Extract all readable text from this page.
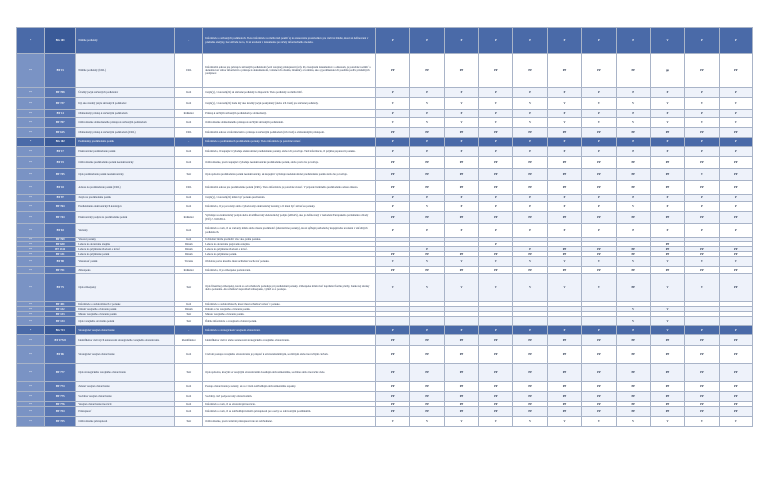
*	BG 101	Náštšie podklady	-	Informácie o súčasných podkladoch. Tieto informácie sa môžu tiež použiť aj na stanovenie prostriedkov pre cieľové štúdie, ktoré sú definované v priebehu analýzy, bez ohľadu na to, či sú uvedené v dokumente pre účely informačného modelu.	P	P	P	P	P	P	P	P	V	P	P
**	BT 15	Náštšie podklady (URL)	URL	Informačná adresa pre prístup k súčasným podkladom (web verejnej prístupnosti (url). Po zverejnení dokumentov s odkazom, je potrebné rozšíriť a aktualizovať súbor informácií o prístupe k dokumentom, vrátane ich obsahu, štruktúry a formátu, ako aj podmienok ich použitia podľa príslušných predpisov.	PP	PP	PP	PP	PP	PP	PP	PP	pp	PP	PP
**	BT 708	Úradný jazyk súčasných podkladov	Kód	Jazyk(y), v ktorom(ch) sú súčasné podklady k dispozícii. Tieto podklady sa môžu líšiť.	P	P	P	P	P	P	P	P	P	P	P
**	BT 737	Iný ako úradný jazyk súčasných podkladov	Kód	Jazyk(y), v ktorom(ch) bude iný ako úradný jazyk poskytnutý (alebo ich časti) pre súčasné podklady.	V	V	V	V	V	V	V	V	V	V	V
**	BT 14	Obmedzený prístup k súčasným podkladom	Indikátor	Prístup k určitým súčasným podkladom je obmedzený.	P	P	P	P	P	P	P	P	P	P	P
**	BT 707	Odôvodnenie obmedzeného prístupu k súčasným podkladom	Kód	Odôvodnenie obmedzeného prístupu k určitým súčasným podkladom.	V	V	V	V	V	V	V	V	V	V	V
**	BT 615	Obmedzený prístup k súčasným podkladom (URL)	URL	Informačná adresa s informáciami o prístupe k súčasným podkladom (ich časti) s obmedzeným prístupom.	PP	PP	PP	PP	PP	PP	PP	PP	PP	PP	PP
*	BG 102	Podmienky predkladania ponúk	-	Informácie o podmienkach predkladania ponuky. Tieto informácie je potrebné uviesť.	P	P	P	P	P	P	P	P	P	P	P
**	BT 17	Elektronické predkladanie ponúk	Kód	Informácia, či kupujúci vyžaduje elektronické predkladanie ponuky alebo ich povoľuje. Tiež informácia, či prijíma papierovú ponuku.	P	P	P	P	P	P	P	P	P	P	P
**	BT 19	Odôvodnenie predkladania ponúk neelektronicky	Kód	Odôvodnenie, prečo kupujúci vyžaduje neelektronické predkladanie ponúk, alebo prečo ho povoľuje.	PP	PP	PP	PP	PP	PP	PP	PP	PP	PP	PP
**	BT 745	Opis predkladania ponúk neelektronicky	Text	Opis spôsobu predkladania ponúk neelektronicky, ak kupujúci vyžaduje neelektronické predkladanie ponúk alebo ho povoľuje.	PP	PP	PP	PP	PP	PP	PP	PP	PP	V	PP
**	BT 18	Adresa na predkladanie ponúk (URL)	URL	Informačná adresa pre predkladanie ponúk (URL). Tieto informácie je potrebné uviesť. V prípade listinného predkladania adresa miesta.	PP	PP	PP	PP	PP	PP	PP	PP	PP	PP	PP
**	BT 97	Jazyk na predkladanie ponúk	Kód	Jazyk(y), v ktorom(ch) môže byť ponuka predložená.	P	P	P	P	P	P	P	P	P	P	P
**	BT 764	Predkladanie elektronických katalógov	Kód	Informácia, či je povolený alebo vyžadovaný elektronický katalóg a či musí byť súčasťou ponuky.	P	V	P	P	P	P	P	V	P	P	P
**	BT 744	Elektronický podpis na predkladanie ponúk	Indikátor	Vyžaduje sa elektronický podpis alebo kvalifikovaný elektronický podpis (eIDAS), ako je definovaný v nariadení Európskeho parlamentu a Rady (EÚ) č. 910/2014.	PP	PP	PP	PP	PP	PP	PP	PP	PP	PP	PP
**	BT 63	Varianty	Kód	Informácia o tom, či sa varianty môžu alebo musia predkladať (alternatívne ponuky), ktoré spĺňajú požiadavky kupujúceho uvedené v súťažných podkladoch.	P	P	P	P	P	P	P	P	P	P	P
**	BT 769	Viaceré ponuky	Kód	Uchádzač môže predložiť viac ako jednu ponuku.											
**	BT 630	Lehota na doručenie záujmu	Dátum	Lehota na doručenie prejavenia záujmu.				P					PP		
**	BT 1311	Lehota na prijímanie žiadostí o účasť	Dátum	Lehota na prijímanie žiadostí o účasť.		P			P	PP	PP	PP	PP	PP	PP
**	BT 131	Lehota na prijímanie ponúk	Dátum	Lehota na prijímanie ponúk.	PP	PP	PP	PP	PP	PP	PP	PP	PP	PP	PP
**	BT 98	Viazanosť ponúk	Trvanie	Obdobie počas ktorého musí uchádzač zachovať ponuku.	V	V	V	V	V	V	V	V	V	V	V
**	BT 751	Zábezpeka	Indikátor	Informácia, či je zábezpeka požadovaná.	PP	PP	PP	PP	PP	PP	PP	PP	PP	PP	PP
**	BT 75	Opis zábezpeky	Text	Opis finančnej zábezpeky, ktorú sa od uchádzača požaduje pri predkladaní ponuky. Zábezpeka môže mať napríklad formu platby, bankovej záruky alebo poistenia. Ak uchádzač nepredloží zábezpeku, vylúči sa z postupu.	V	V	V	V	V	V	V	PP	V	V	PP
**	BT 451	Informácie o subdodávkach v ponuke	Kód	Informácie o subdodávkach, ktoré musí uchádzač uviesť v ponuke.											
**	BT 132	Dátum verejného otvárania ponúk	Dátum	Dátum a čas verejného otvárania ponúk.								V	V		
**	BT 133	Miesto verejného otvárania ponúk	Text	Miesto verejného otvárania ponúk.											
**	BT 134	Opis verejného otvárania ponúk	Text	Ďalšie informácie o verejnom otváraní ponúk.								V	V		
*	BG 713	Strategické verejné obstarávanie	-	Informácie o strategickom verejnom obstarávaní.	P	P	P	P	P	P	P	P	V	P	P
**	BT 17722	Identifikátor cieľových ustanovení strategického verejného obstarávania	Identifikátor	Identifikátor cieľov alebo ustanovení strategického verejného obstarávania.	PP	PP	PP	PP	PP	PP	PP	PP	PP	PP	PP
**	BT 06	Strategické verejné obstarávanie	Kód	Cieľom postupu verejného obstarávania je prispieť k environmentálnym, sociálnym alebo inovačným cieľom.	PP	PP	PP	PP	PP	PP	PP	PP	PP	PP	PP
**	BT 777	Opis strategického verejného obstarávania	Text	Opis spôsobu, ktorým sa verejným obstarávaním dosahujú environmentálne, sociálne alebo inovačné ciele.	PP	PP	PP	PP	PP	PP	PP	PP	PP	PP	PP
**	BT 774	Zelené verejné obstarávanie	Kód	Postup obstarávania je zelený, ak sa v ňom zohľadňujú environmentálne aspekty.	PP	PP	PP	PP	PP	PP	PP	PP	PP	PP	PP
**	BT 775	Sociálne verejné obstarávanie	Kód	Sociálny cieľ podporovaný obstarávaním.	PP	PP	PP	PP	PP	PP	PP	PP	PP	PP	PP
**	BT 776	Verejné obstarávanie inovácií	Kód	Informácia o tom, či sa obstarávajú inovácie.	PP	PP	PP	PP	PP	PP	PP	PP	PP	PP	PP
**	BT 754	Prístupnosť	Kód	Informácia o tom, či sa zohľadňujú kritériá prístupnosti pre osoby so zdravotným postihnutím.	PP	PP	PP	PP	PP	PP	PP	PP	PP	PP	PP
**	BT 755	Odôvodnenie prístupnosti	Text	Odôvodnenie, prečo kritériá prístupnosti nie sú zohľadnené.	V	V	V	V	V	V	V	V	V	V	V
